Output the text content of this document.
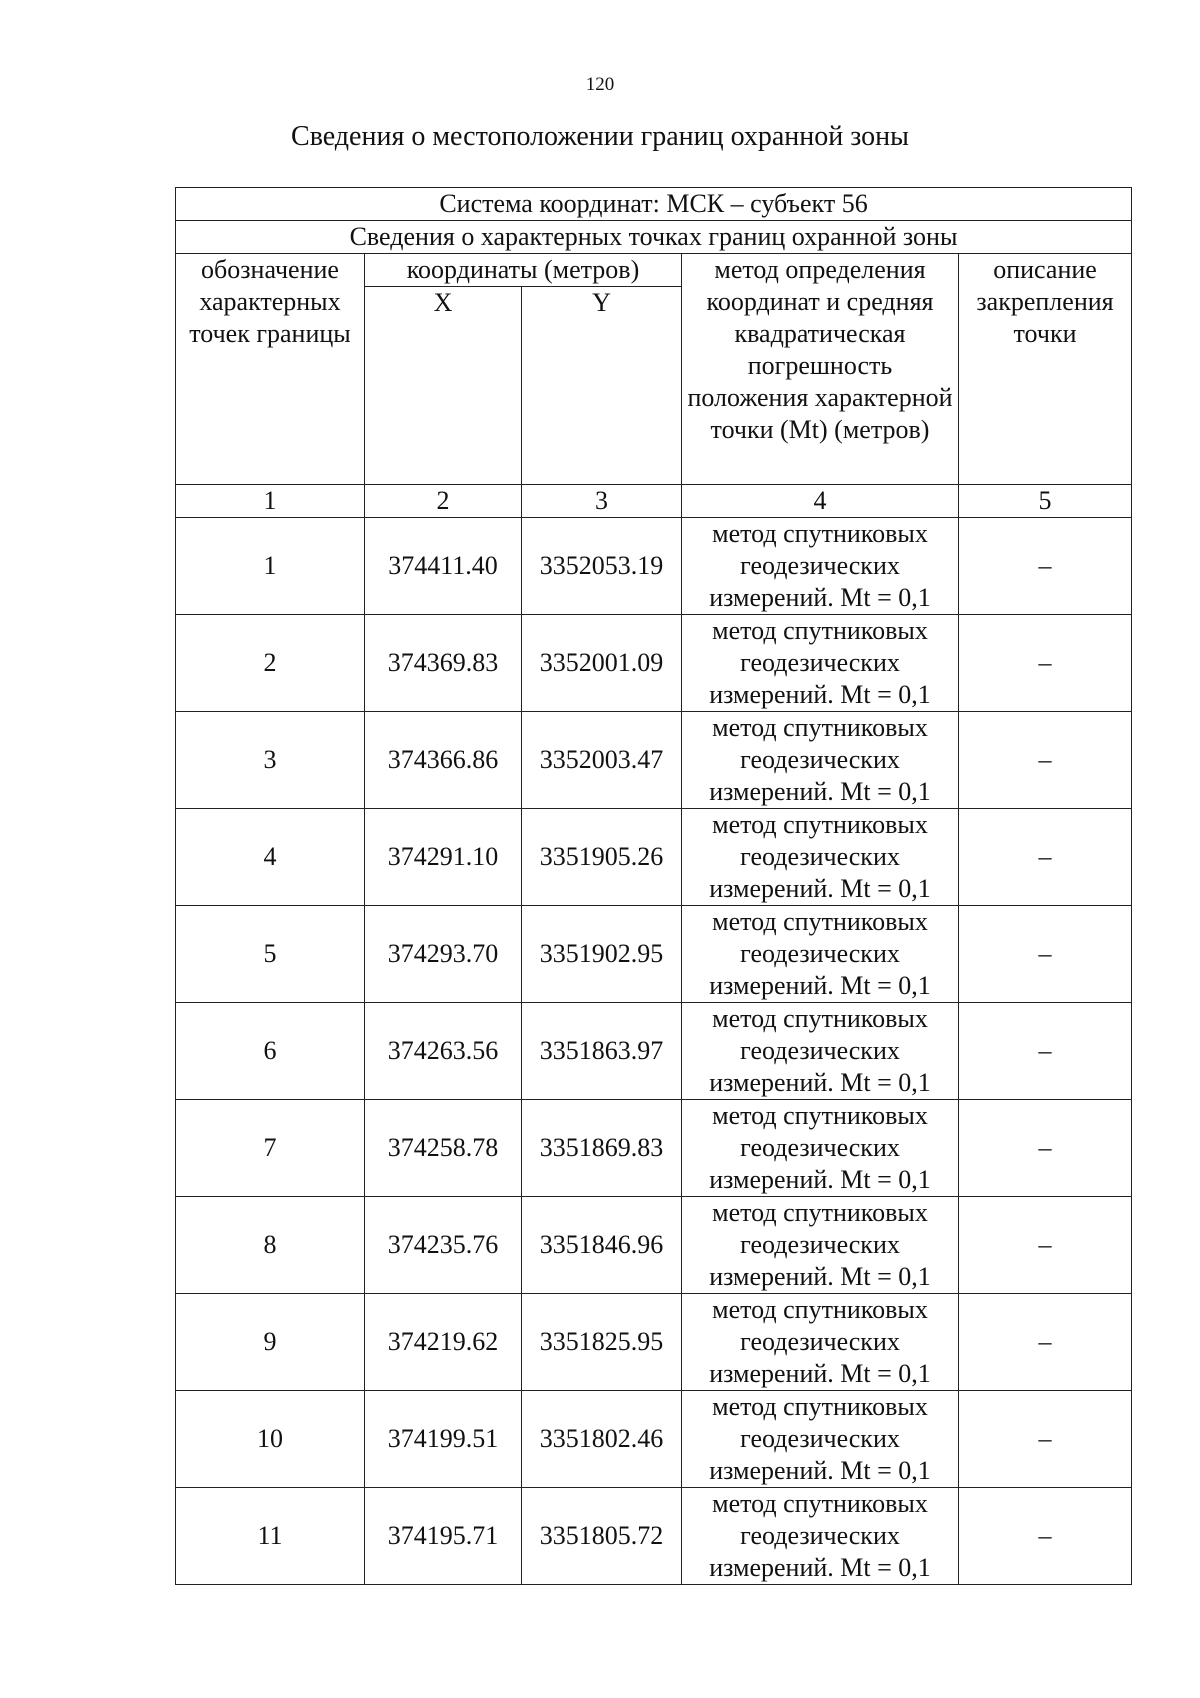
120
Сведения о местоположении границ охранной зоны
Система координат: МСК – субъект 56				
Сведения о характерных точках границ охранной зоны				
обозначение характерных точек границы	координаты (метров)		метод определения координат и средняя квадратическая погрешность положения характерной точки (Mt) (метров)	описание закрепления точки
	X	Y		
1	2	3	4	5
1	374411.40	3352053.19	метод спутниковых геодезических измерений. Mt = 0,1	–
2	374369.83	3352001.09	метод спутниковых геодезических измерений. Mt = 0,1	–
3	374366.86	3352003.47	метод спутниковых геодезических измерений. Mt = 0,1	–
4	374291.10	3351905.26	метод спутниковых геодезических измерений. Mt = 0,1	–
5	374293.70	3351902.95	метод спутниковых геодезических измерений. Mt = 0,1	–
6	374263.56	3351863.97	метод спутниковых геодезических измерений. Mt = 0,1	–
7	374258.78	3351869.83	метод спутниковых геодезических измерений. Mt = 0,1	–
8	374235.76	3351846.96	метод спутниковых геодезических измерений. Mt = 0,1	–
9	374219.62	3351825.95	метод спутниковых геодезических измерений. Mt = 0,1	–
10	374199.51	3351802.46	метод спутниковых геодезических измерений. Mt = 0,1	–
11	374195.71	3351805.72	метод спутниковых геодезических измерений. Mt = 0,1	–
